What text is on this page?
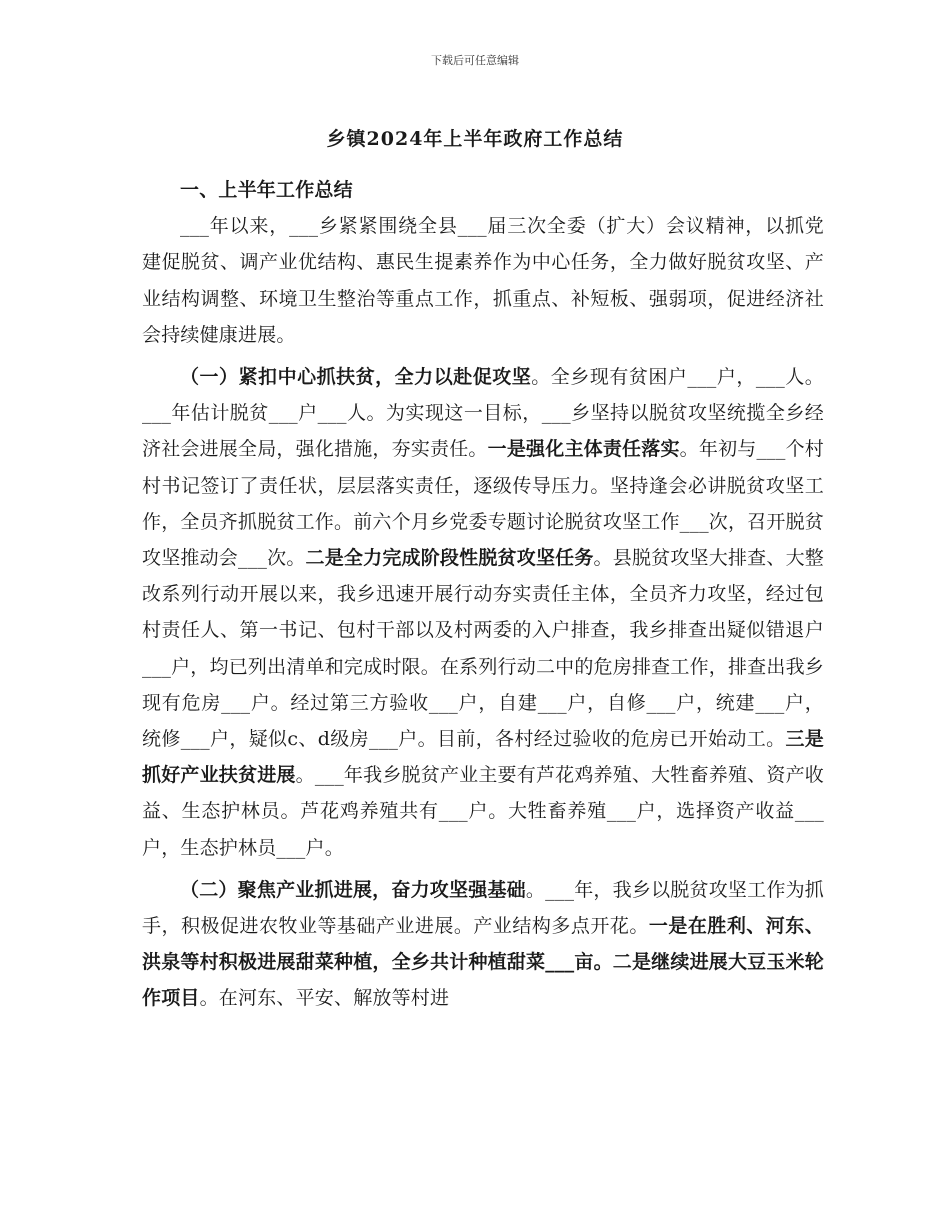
下载后可任意编辑
乡镇2024年上半年政府工作总结

一、上半年工作总结

___年以来，___乡紧紧围绕全县___届三次全委（扩大）会议精神，以抓党建促脱贫、调产业优结构、惠民生提素养作为中心任务，全力做好脱贫攻坚、产业结构调整、环境卫生整治等重点工作，抓重点、补短板、强弱项，促进经济社会持续健康进展。

（一）紧扣中心抓扶贫，全力以赴促攻坚。全乡现有贫困户___户，___人。___年估计脱贫___户___人。为实现这一目标，___乡坚持以脱贫攻坚统揽全乡经济社会进展全局，强化措施，夯实责任。一是强化主体责任落实。年初与___个村村书记签订了责任状，层层落实责任，逐级传导压力。坚持逢会必讲脱贫攻坚工作，全员齐抓脱贫工作。前六个月乡党委专题讨论脱贫攻坚工作___次，召开脱贫攻坚推动会___次。二是全力完成阶段性脱贫攻坚任务。县脱贫攻坚大排查、大整改系列行动开展以来，我乡迅速开展行动夯实责任主体，全员齐力攻坚，经过包村责任人、第一书记、包村干部以及村两委的入户排查，我乡排查出疑似错退户___户，均已列出清单和完成时限。在系列行动二中的危房排查工作，排查出我乡现有危房___户。经过第三方验收___户，自建___户，自修___户，统建___户，统修___户，疑似c、d级房___户。目前，各村经过验收的危房已开始动工。三是抓好产业扶贫进展。___年我乡脱贫产业主要有芦花鸡养殖、大牲畜养殖、资产收益、生态护林员。芦花鸡养殖共有___户。大牲畜养殖___户，选择资产收益___户，生态护林员___户。

（二）聚焦产业抓进展，奋力攻坚强基础。___年，我乡以脱贫攻坚工作为抓手，积极促进农牧业等基础产业进展。产业结构多点开花。一是在胜利、河东、洪泉等村积极进展甜菜种植，全乡共计种植甜菜___亩。二是继续进展大豆玉米轮作项目。在河东、平安、解放等村进
